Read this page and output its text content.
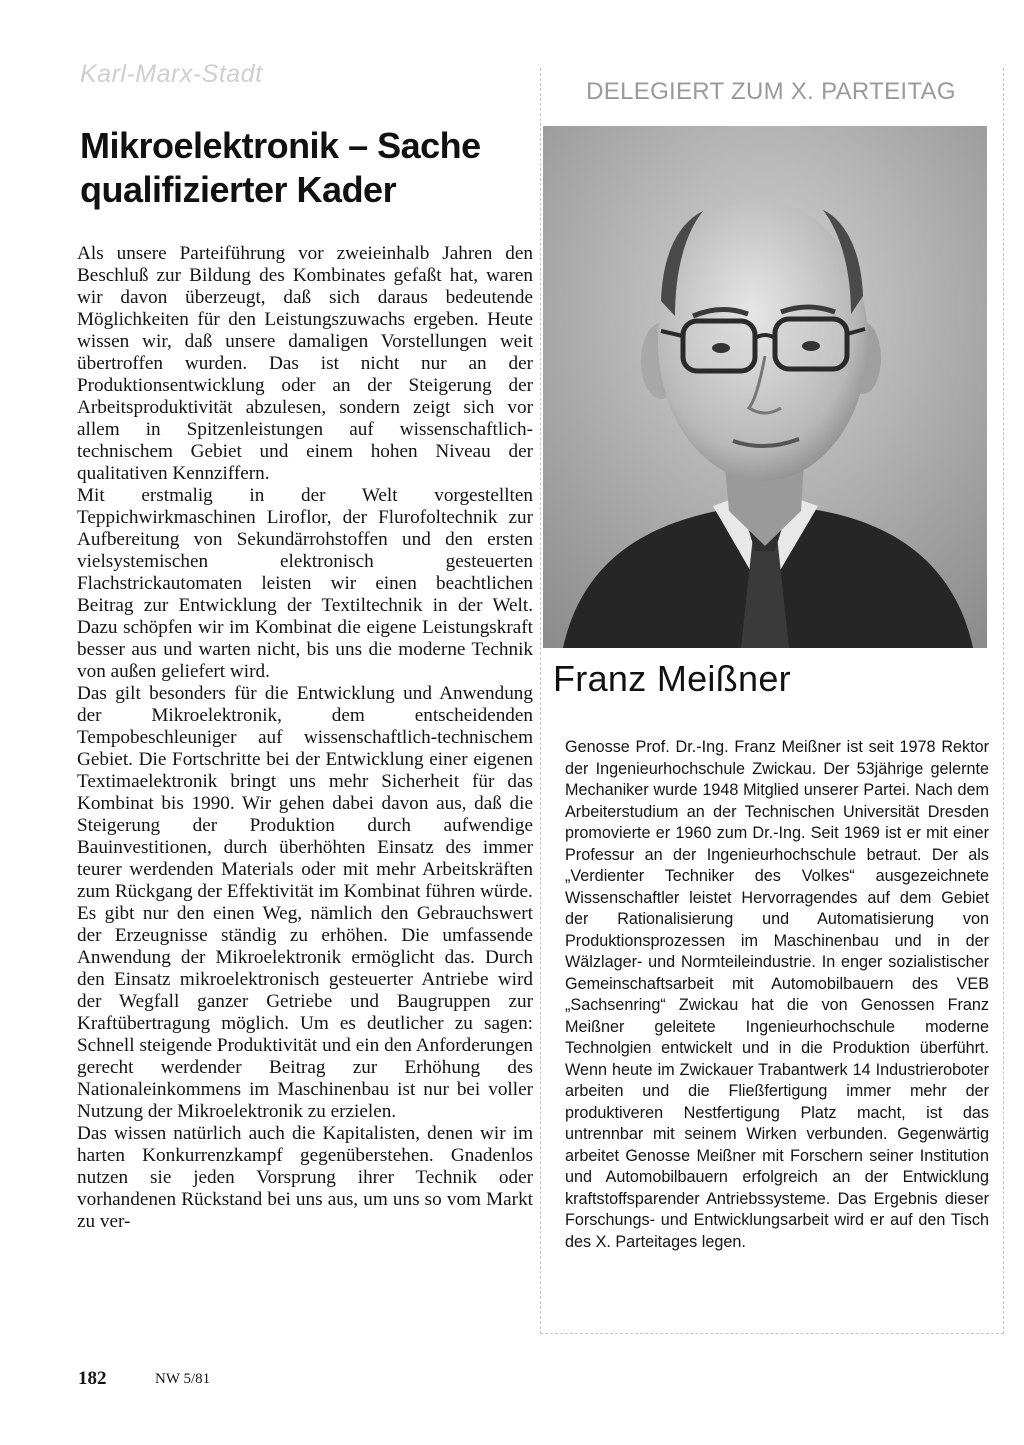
Karl-Marx-Stadt
Mikroelektronik – Sache qualifizierter Kader

Als unsere Parteiführung vor zweieinhalb Jahren den Beschluß zur Bildung des Kombinates gefaßt hat, waren wir davon überzeugt, daß sich daraus bedeutende Möglichkeiten für den Leistungszuwachs ergeben. Heute wissen wir, daß unsere damaligen Vorstellungen weit übertroffen wurden. Das ist nicht nur an der Produktionsentwicklung oder an der Steigerung der Arbeitsproduktivität abzulesen, sondern zeigt sich vor allem in Spitzenleistungen auf wissenschaftlich-technischem Gebiet und einem hohen Niveau der qualitativen Kennziffern.

Mit erstmalig in der Welt vorgestellten Teppichwirkmaschinen Liroflor, der Flurofoltechnik zur Aufbereitung von Sekundärrohstoffen und den ersten vielsystemischen elektronisch gesteuerten Flachstrickautomaten leisten wir einen beachtlichen Beitrag zur Entwicklung der Textiltechnik in der Welt. Dazu schöpfen wir im Kombinat die eigene Leistungskraft besser aus und warten nicht, bis uns die moderne Technik von außen geliefert wird.

Das gilt besonders für die Entwicklung und Anwendung der Mikroelektronik, dem entscheidenden Tempobeschleuniger auf wissenschaftlich-technischem Gebiet. Die Fortschritte bei der Entwicklung einer eigenen Textimaelektronik bringt uns mehr Sicherheit für das Kombinat bis 1990. Wir gehen dabei davon aus, daß die Steigerung der Produktion durch aufwendige Bauinvestitionen, durch überhöhten Einsatz des immer teurer werdenden Materials oder mit mehr Arbeitskräften zum Rückgang der Effektivität im Kombinat führen würde.

Es gibt nur den einen Weg, nämlich den Gebrauchswert der Erzeugnisse ständig zu erhöhen. Die umfassende Anwendung der Mikroelektronik ermöglicht das. Durch den Einsatz mikroelektronisch gesteuerter Antriebe wird der Wegfall ganzer Getriebe und Baugruppen zur Kraftübertragung möglich. Um es deutlicher zu sagen: Schnell steigende Produktivität und ein den Anforderungen gerecht werdender Beitrag zur Erhöhung des Nationaleinkommens im Maschinenbau ist nur bei voller Nutzung der Mikroelektronik zu erzielen.

Das wissen natürlich auch die Kapitalisten, denen wir im harten Konkurrenzkampf gegenüberstehen. Gnadenlos nutzen sie jeden Vorsprung ihrer Technik oder vorhandenen Rückstand bei uns aus, um uns so vom Markt zu ver-

DELEGIERT ZUM X. PARTEITAG
Franz Meißner

Genosse Prof. Dr.-Ing. Franz Meißner ist seit 1978 Rektor der Ingenieurhochschule Zwickau. Der 53jährige gelernte Mechaniker wurde 1948 Mitglied unserer Partei. Nach dem Arbeiterstudium an der Technischen Universität Dresden promovierte er 1960 zum Dr.-Ing. Seit 1969 ist er mit einer Professur an der Ingenieurhochschule betraut. Der als „Verdienter Techniker des Volkes“ ausgezeichnete Wissenschaftler leistet Hervorragendes auf dem Gebiet der Rationalisierung und Automatisierung von Produktionsprozessen im Maschinenbau und in der Wälzlager- und Normteileindustrie. In enger sozialistischer Gemeinschaftsarbeit mit Automobilbauern des VEB „Sachsenring“ Zwickau hat die von Genossen Franz Meißner geleitete Ingenieurhochschule moderne Technolgien entwickelt und in die Produktion überführt. Wenn heute im Zwickauer Trabantwerk 14 Industrieroboter arbeiten und die Fließfertigung immer mehr der produktiveren Nestfertigung Platz macht, ist das untrennbar mit seinem Wirken verbunden. Gegenwärtig arbeitet Genosse Meißner mit Forschern seiner Institution und Automobilbauern erfolgreich an der Entwicklung kraftstoffsparender Antriebssysteme. Das Ergebnis dieser Forschungs- und Entwicklungsarbeit wird er auf den Tisch des X. Parteitages legen.

182	NW 5/81
